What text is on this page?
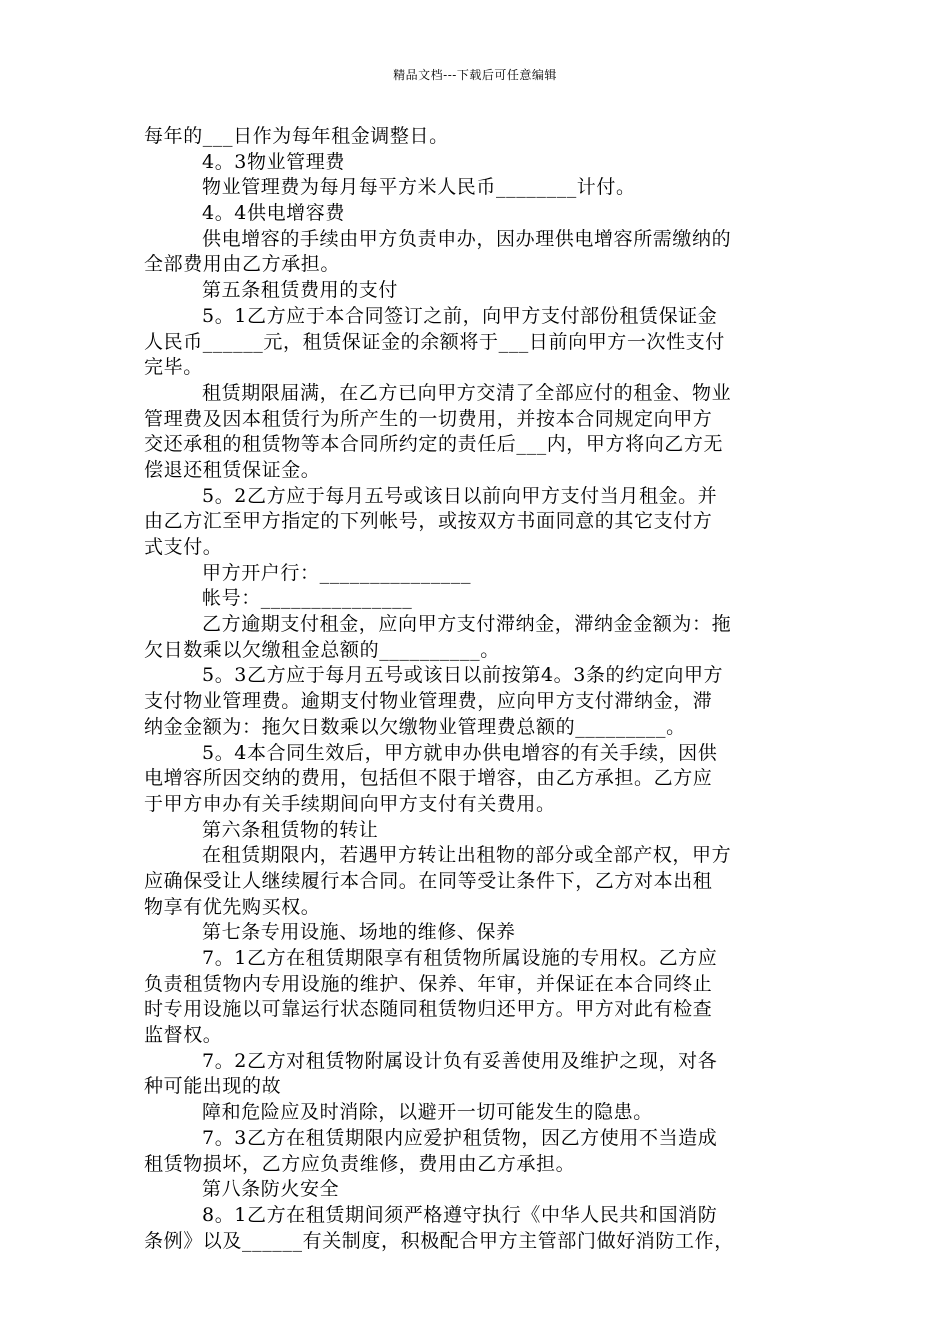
精品文档---下载后可任意编辑
每年的___日作为每年租金调整日。
4。3物业管理费
物业管理费为每月每平方米人民币________计付。
4。4供电增容费
供电增容的手续由甲方负责申办，因办理供电增容所需缴纳的
全部费用由乙方承担。
第五条租赁费用的支付
5。1乙方应于本合同签订之前，向甲方支付部份租赁保证金
人民币______元，租赁保证金的余额将于___日前向甲方一次性支付
完毕。
租赁期限届满，在乙方已向甲方交清了全部应付的租金、物业
管理费及因本租赁行为所产生的一切费用，并按本合同规定向甲方
交还承租的租赁物等本合同所约定的责任后___内，甲方将向乙方无
偿退还租赁保证金。
5。2乙方应于每月五号或该日以前向甲方支付当月租金。并
由乙方汇至甲方指定的下列帐号，或按双方书面同意的其它支付方
式支付。
甲方开户行：_______________
帐号：_______________
乙方逾期支付租金，应向甲方支付滞纳金，滞纳金金额为：拖
欠日数乘以欠缴租金总额的__________。
5。3乙方应于每月五号或该日以前按第4。3条的约定向甲方
支付物业管理费。逾期支付物业管理费，应向甲方支付滞纳金，滞
纳金金额为：拖欠日数乘以欠缴物业管理费总额的_________。
5。4本合同生效后，甲方就申办供电增容的有关手续，因供
电增容所因交纳的费用，包括但不限于增容，由乙方承担。乙方应
于甲方申办有关手续期间向甲方支付有关费用。
第六条租赁物的转让
在租赁期限内，若遇甲方转让出租物的部分或全部产权，甲方
应确保受让人继续履行本合同。在同等受让条件下，乙方对本出租
物享有优先购买权。
第七条专用设施、场地的维修、保养
7。1乙方在租赁期限享有租赁物所属设施的专用权。乙方应
负责租赁物内专用设施的维护、保养、年审，并保证在本合同终止
时专用设施以可靠运行状态随同租赁物归还甲方。甲方对此有检查
监督权。
7。2乙方对租赁物附属设计负有妥善使用及维护之现，对各
种可能出现的故
障和危险应及时消除，以避开一切可能发生的隐患。
7。3乙方在租赁期限内应爱护租赁物，因乙方使用不当造成
租赁物损坏，乙方应负责维修，费用由乙方承担。
第八条防火安全
8。1乙方在租赁期间须严格遵守执行《中华人民共和国消防
条例》以及______有关制度，积极配合甲方主管部门做好消防工作，
